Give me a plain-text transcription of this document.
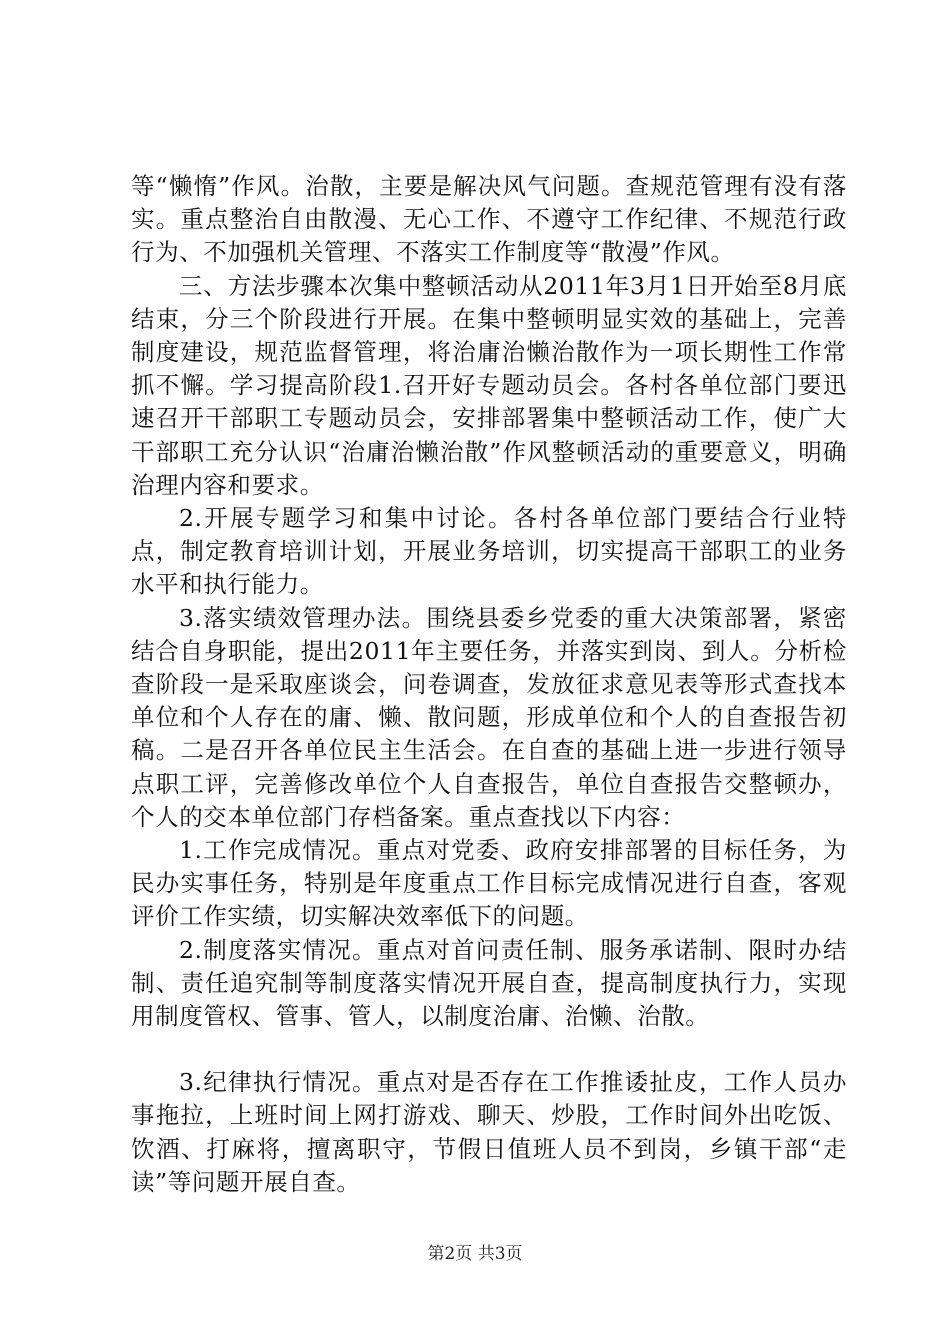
等“懒惰”作风。治散，主要是解决风气问题。查规范管理有没有落实。重点整治自由散漫、无心工作、不遵守工作纪律、不规范行政行为、不加强机关管理、不落实工作制度等“散漫”作风。

三、方法步骤本次集中整顿活动从2011年3月1日开始至8月底结束，分三个阶段进行开展。在集中整顿明显实效的基础上，完善制度建设，规范监督管理，将治庸治懒治散作为一项长期性工作常抓不懈。学习提高阶段1.召开好专题动员会。各村各单位部门要迅速召开干部职工专题动员会，安排部署集中整顿活动工作，使广大干部职工充分认识“治庸治懒治散”作风整顿活动的重要意义，明确治理内容和要求。

2.开展专题学习和集中讨论。各村各单位部门要结合行业特点，制定教育培训计划，开展业务培训，切实提高干部职工的业务水平和执行能力。

3.落实绩效管理办法。围绕县委乡党委的重大决策部署，紧密结合自身职能，提出2011年主要任务，并落实到岗、到人。分析检查阶段一是采取座谈会，问卷调查，发放征求意见表等形式查找本单位和个人存在的庸、懒、散问题，形成单位和个人的自查报告初稿。二是召开各单位民主生活会。在自查的基础上进一步进行领导点职工评，完善修改单位个人自查报告，单位自查报告交整顿办，个人的交本单位部门存档备案。重点查找以下内容：

1.工作完成情况。重点对党委、政府安排部署的目标任务，为民办实事任务，特别是年度重点工作目标完成情况进行自查，客观评价工作实绩，切实解决效率低下的问题。

2.制度落实情况。重点对首问责任制、服务承诺制、限时办结制、责任追究制等制度落实情况开展自查，提高制度执行力，实现用制度管权、管事、管人，以制度治庸、治懒、治散。

3.纪律执行情况。重点对是否存在工作推诿扯皮，工作人员办事拖拉，上班时间上网打游戏、聊天、炒股，工作时间外出吃饭、饮酒、打麻将，擅离职守，节假日值班人员不到岗，乡镇干部“走读”等问题开展自查。

第2页 共3页
